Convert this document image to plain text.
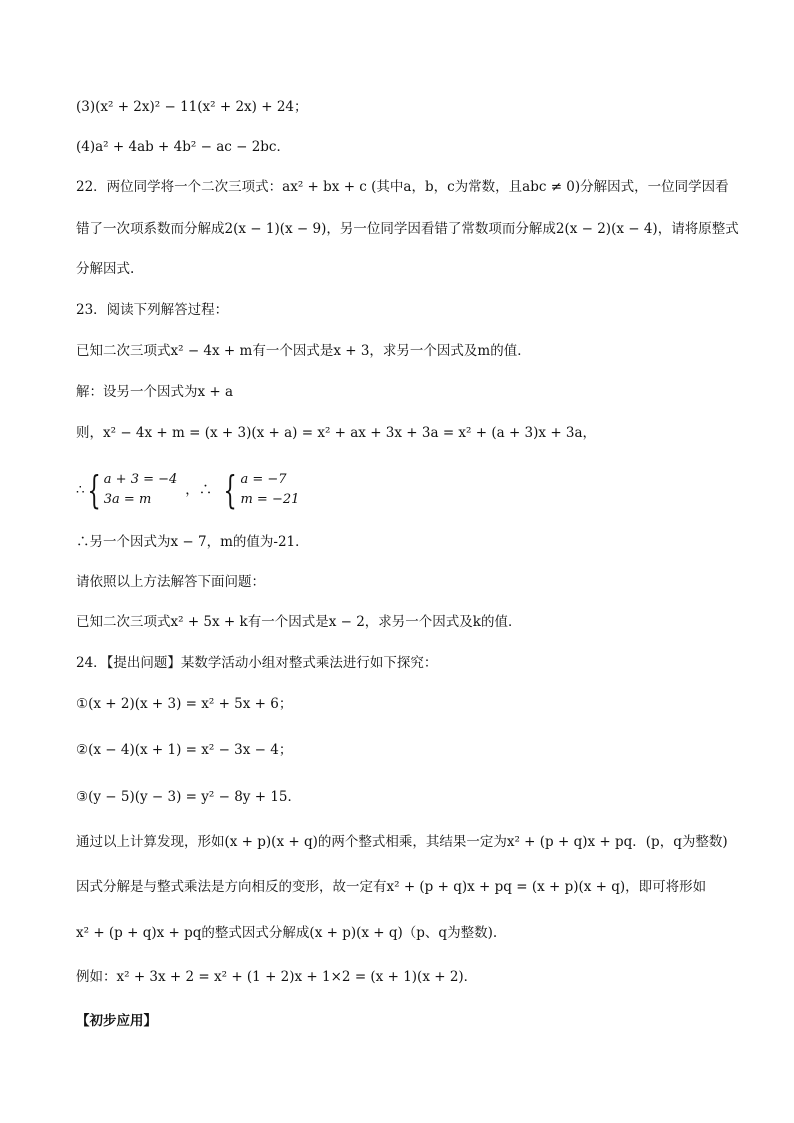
(3)(x² + 2x)² − 11(x² + 2x) + 24；
(4)a² + 4ab + 4b² − ac − 2bc．
22．两位同学将一个二次三项式：ax² + bx + c (其中a，b，c为常数，且abc ≠ 0)分解因式，一位同学因看
错了一次项系数而分解成2(x − 1)(x − 9)，另一位同学因看错了常数项而分解成2(x − 2)(x − 4)，请将原整式
分解因式.
23．阅读下列解答过程：
已知二次三项式x² − 4x + m有一个因式是x + 3，求另一个因式及m的值．
解：设另一个因式为x + a
则，x² − 4x + m = (x + 3)(x + a) = x² + ax + 3x + 3a = x² + (a + 3)x + 3a，
∴ { a + 3 = −4
3a = m
，∴ { a = −7
m = −21
∴另一个因式为x − 7，m的值为-21．
请依照以上方法解答下面问题：
已知二次三项式x² + 5x + k有一个因式是x − 2，求另一个因式及k的值．
24．【提出问题】某数学活动小组对整式乘法进行如下探究：
①(x + 2)(x + 3) = x² + 5x + 6；
②(x − 4)(x + 1) = x² − 3x − 4；
③(y − 5)(y − 3) = y² − 8y + 15．
通过以上计算发现，形如(x + p)(x + q)的两个整式相乘，其结果一定为x² + (p + q)x + pq．(p，q为整数)
因式分解是与整式乘法是方向相反的变形，故一定有x² + (p + q)x + pq = (x + p)(x + q)，即可将形如
x² + (p + q)x + pq的整式因式分解成(x + p)(x + q)（p、q为整数).
例如：x² + 3x + 2 = x² + (1 + 2)x + 1×2 = (x + 1)(x + 2)．
【初步应用】
